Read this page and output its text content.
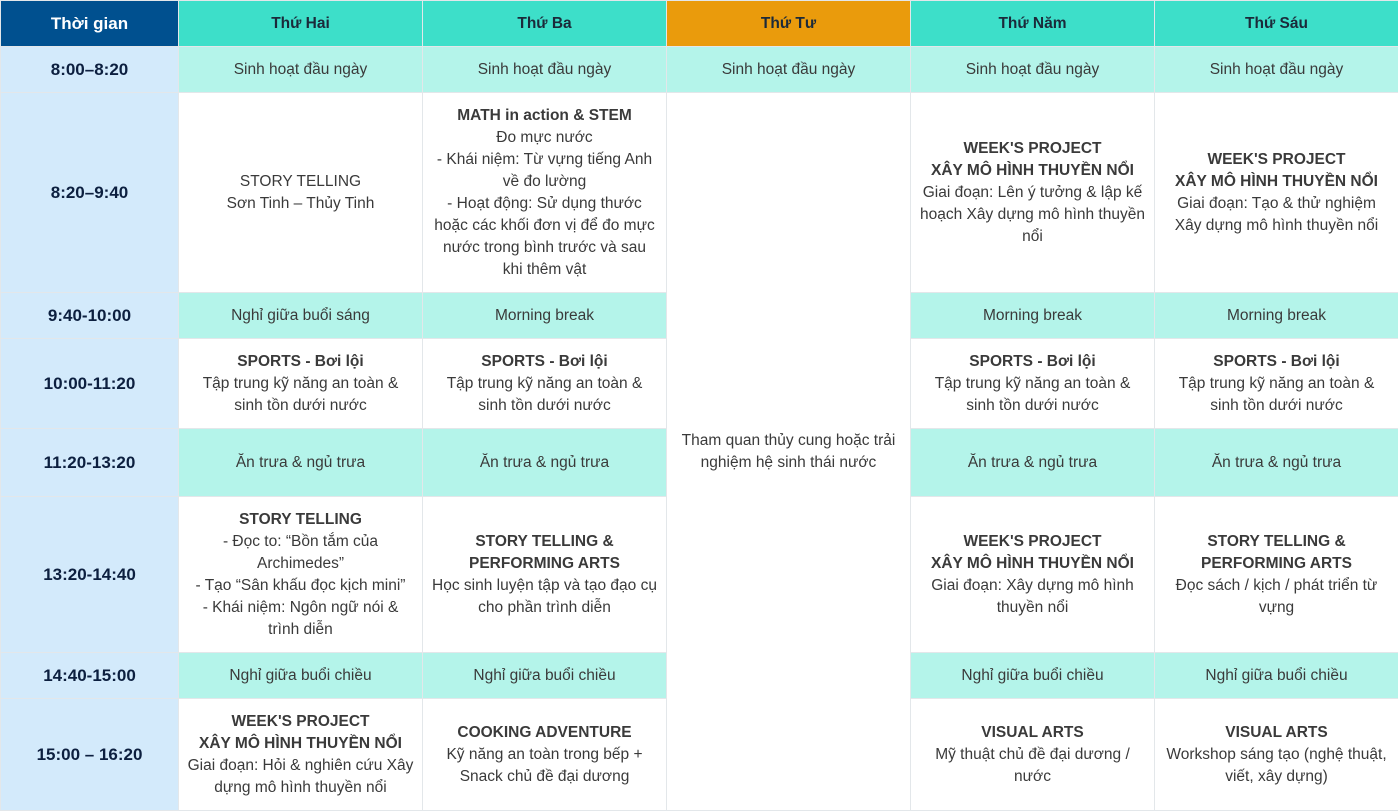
Thời gian	Thứ Hai	Thứ Ba	Thứ Tư	Thứ Năm	Thứ Sáu
8:00–8:20	Sinh hoạt đầu ngày	Sinh hoạt đầu ngày	Sinh hoạt đầu ngày	Sinh hoạt đầu ngày	Sinh hoạt đầu ngày
8:20–9:40	STORY TELLING
Sơn Tinh – Thủy Tinh	MATH in action & STEM
Đo mực nước
- Khái niệm: Từ vựng tiếng Anh về đo lường
- Hoạt động: Sử dụng thước hoặc các khối đơn vị để đo mực nước trong bình trước và sau khi thêm vật	Tham quan thủy cung hoặc trải nghiệm hệ sinh thái nước	WEEK'S PROJECT
XÂY MÔ HÌNH THUYỀN NỔI
Giai đoạn: Lên ý tưởng & lập kế hoạch Xây dựng mô hình thuyền nổi	WEEK'S PROJECT
XÂY MÔ HÌNH THUYỀN NỔI
Giai đoạn: Tạo & thử nghiệm Xây dựng mô hình thuyền nổi

9:40-10:00	Nghỉ giữa buổi sáng	Morning break		Morning break	Morning break
10:00-11:20	SPORTS - Bơi lội
Tập trung kỹ năng an toàn & sinh tồn dưới nước	SPORTS - Bơi lội
Tập trung kỹ năng an toàn & sinh tồn dưới nước		SPORTS - Bơi lội
Tập trung kỹ năng an toàn & sinh tồn dưới nước	SPORTS - Bơi lội
Tập trung kỹ năng an toàn & sinh tồn dưới nước

11:20-13:20	Ăn trưa & ngủ trưa	Ăn trưa & ngủ trưa		Ăn trưa & ngủ trưa	Ăn trưa & ngủ trưa
13:20-14:40	STORY TELLING
- Đọc to: “Bồn tắm của Archimedes”
- Tạo “Sân khấu đọc kịch mini”
- Khái niệm: Ngôn ngữ nói & trình diễn	STORY TELLING &
PERFORMING ARTS
Học sinh luyện tập và tạo đạo cụ cho phần trình diễn		WEEK'S PROJECT
XÂY MÔ HÌNH THUYỀN NỔI
Giai đoạn: Xây dựng mô hình thuyền nổi	STORY TELLING &
PERFORMING ARTS
Đọc sách / kịch / phát triển từ vựng

14:40-15:00	Nghỉ giữa buổi chiều	Nghỉ giữa buổi chiều		Nghỉ giữa buổi chiều	Nghỉ giữa buổi chiều
15:00 – 16:20	WEEK'S PROJECT
XÂY MÔ HÌNH THUYỀN NỔI
Giai đoạn: Hỏi & nghiên cứu Xây dựng mô hình thuyền nổi	COOKING ADVENTURE
Kỹ năng an toàn trong bếp + Snack chủ đề đại dương		VISUAL ARTS
Mỹ thuật chủ đề đại dương / nước	VISUAL ARTS
Workshop sáng tạo (nghệ thuật, viết, xây dựng)
